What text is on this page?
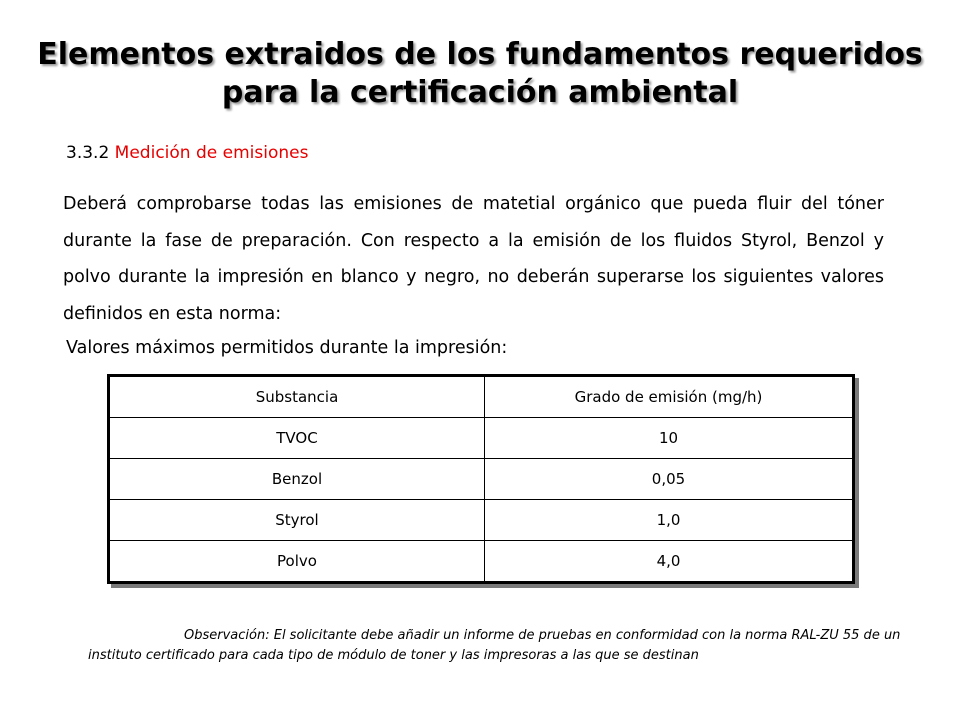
Elementos extraidos de los fundamentos requeridos
para la certificación ambiental
3.3.2 Medición de emisiones

Deberá comprobarse todas las emisiones de matetial orgánico que pueda fluir del tóner durante la fase de preparación. Con respecto a la emisión de los fluidos Styrol, Benzol y polvo durante la impresión en blanco y negro, no deberán superarse los siguientes valores definidos en esta norma:

Valores máximos permitidos durante la impresión:
Substancia	Grado de emisión (mg/h)
TVOC	10
Benzol	0,05
Styrol	1,0
Polvo	4,0

Observación: El solicitante debe añadir un informe de pruebas en conformidad con la norma RAL-ZU 55 de un instituto certificado para cada tipo de módulo de toner y las impresoras a las que se destinan
